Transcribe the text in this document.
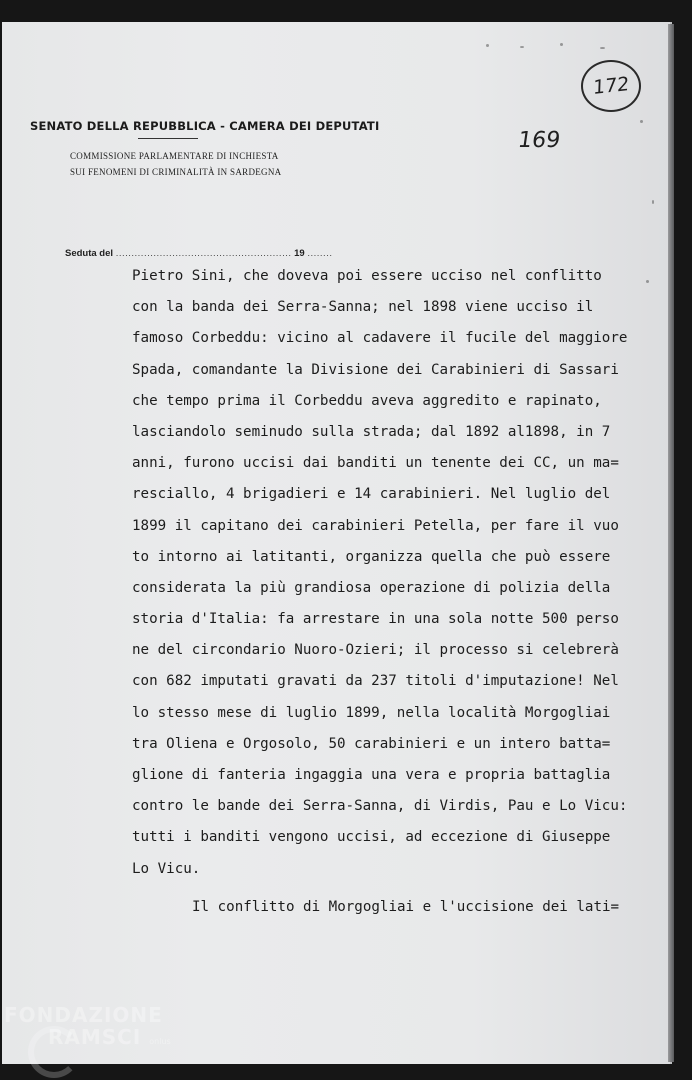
SENATO DELLA REPUBBLICA - CAMERA DEI DEPUTATI
COMMISSIONE PARLAMENTARE DI INCHIESTA
SUI FENOMENI DI CRIMINALITÀ IN SARDEGNA
172
169
Seduta del ........................................................ 19 ........
Pietro Sini, che doveva poi essere ucciso nel conflitto
con la banda dei Serra-Sanna; nel 1898 viene ucciso il
famoso Corbeddu: vicino al cadavere il fucile del maggiore
Spada, comandante la Divisione dei Carabinieri di Sassari
che tempo prima il Corbeddu aveva aggredito e rapinato,
lasciandolo seminudo sulla strada; dal 1892 al1898, in 7
anni, furono uccisi dai banditi un tenente dei CC, un ma=
resciallo, 4 brigadieri e 14 carabinieri. Nel luglio del
1899 il capitano dei carabinieri Petella, per fare il vuo
to intorno ai latitanti, organizza quella che può essere
considerata la più grandiosa operazione di polizia della
storia d'Italia: fa arrestare in una sola notte 500 perso
ne del circondario Nuoro-Ozieri; il processo si celebrerà
con 682 imputati gravati da 237 titoli d'imputazione! Nel
lo stesso mese di luglio 1899, nella località Morgogliai
tra Oliena e Orgosolo, 50 carabinieri e un intero batta=
glione di fanteria ingaggia una vera e propria battaglia
contro le bande dei Serra-Sanna, di Virdis, Pau e Lo Vicu:
tutti i banditi vengono uccisi, ad eccezione di Giuseppe
Lo Vicu.
Il conflitto di Morgogliai e l'uccisione dei lati=
FONDAZIONE
RAMSCI onlus
